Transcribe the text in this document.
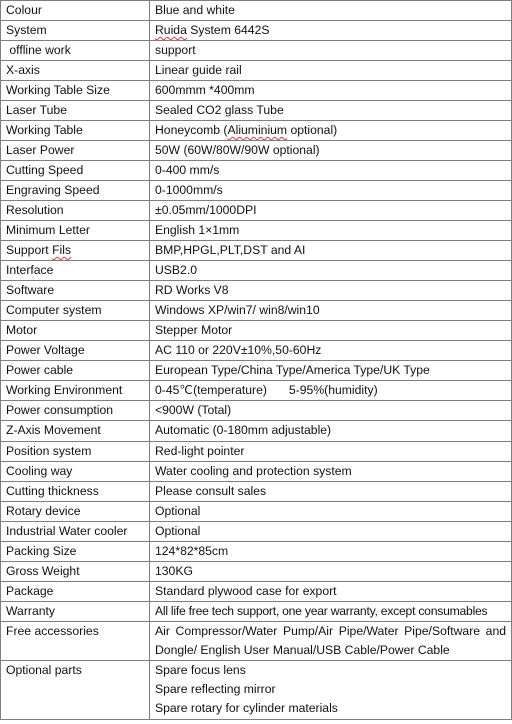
Colour	Blue and white
System	Ruida System 6442S
offline work	support
X-axis	Linear guide rail
Working Table Size	600mmm *400mm
Laser Tube	Sealed CO2 glass Tube
Working Table	Honeycomb (Aliuminium optional)
Laser Power	50W (60W/80W/90W optional)
Cutting Speed	0-400 mm/s
Engraving Speed	0-1000mm/s
Resolution	±0.05mm/1000DPI
Minimum Letter	English 1×1mm
Support Fils	BMP,HPGL,PLT,DST and AI
Interface	USB2.0
Software	RD Works V8
Computer system	Windows XP/win7/ win8/win10
Motor	Stepper Motor
Power Voltage	AC 110 or 220V±10%,50-60Hz
Power cable	European Type/China Type/America Type/UK Type
Working Environment	0-45℃(temperature) 5-95%(humidity)
Power consumption	<900W (Total)
Z-Axis Movement	Automatic (0-180mm adjustable)
Position system	Red-light pointer
Cooling way	Water cooling and protection system
Cutting thickness	Please consult sales
Rotary device	Optional
Industrial Water cooler	Optional
Packing Size	124*82*85cm
Gross Weight	130KG
Package	Standard plywood case for export
Warranty	All life free tech support, one year warranty, except consumables
Free accessories	Air Compressor/Water Pump/Air Pipe/Water Pipe/Software and Dongle/ English User Manual/USB Cable/Power Cable
Optional parts	Spare focus lens
Spare reflecting mirror
Spare rotary for cylinder materials
